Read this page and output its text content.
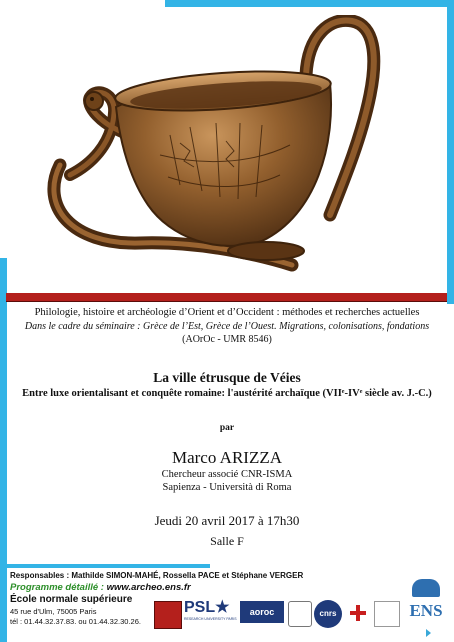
Philologie, histoire et archéologie d’Orient et d’Occident : méthodes et recherches actuelles
Dans le cadre du séminaire : Grèce de l’Est, Grèce de l’Ouest. Migrations, colonisations, fondations
(AOrOc - UMR 8546)
La ville étrusque de Véies
Entre luxe orientalisant et conquête romaine: l'austérité archaïque (VIIᵉ-IVᵉ siècle av. J.-C.)
par
Marco ARIZZA
Chercheur associé CNR-ISMA
Sapienza - Università di Roma
Jeudi 20 avril 2017 à 17h30
Salle F
Responsables : Mathilde SIMON-MAHÉ, Rossella PACE et Stéphane VERGER
Programme détaillé : www.archeo.ens.fr
École normale supérieure
45 rue d'Ulm, 75005 Paris
tél : 01.44.32.37.83. ou 01.44.32.30.26.
PSL★
RESEARCH UNIVERSITY PARIS
aoroc	cnrs	ENS
